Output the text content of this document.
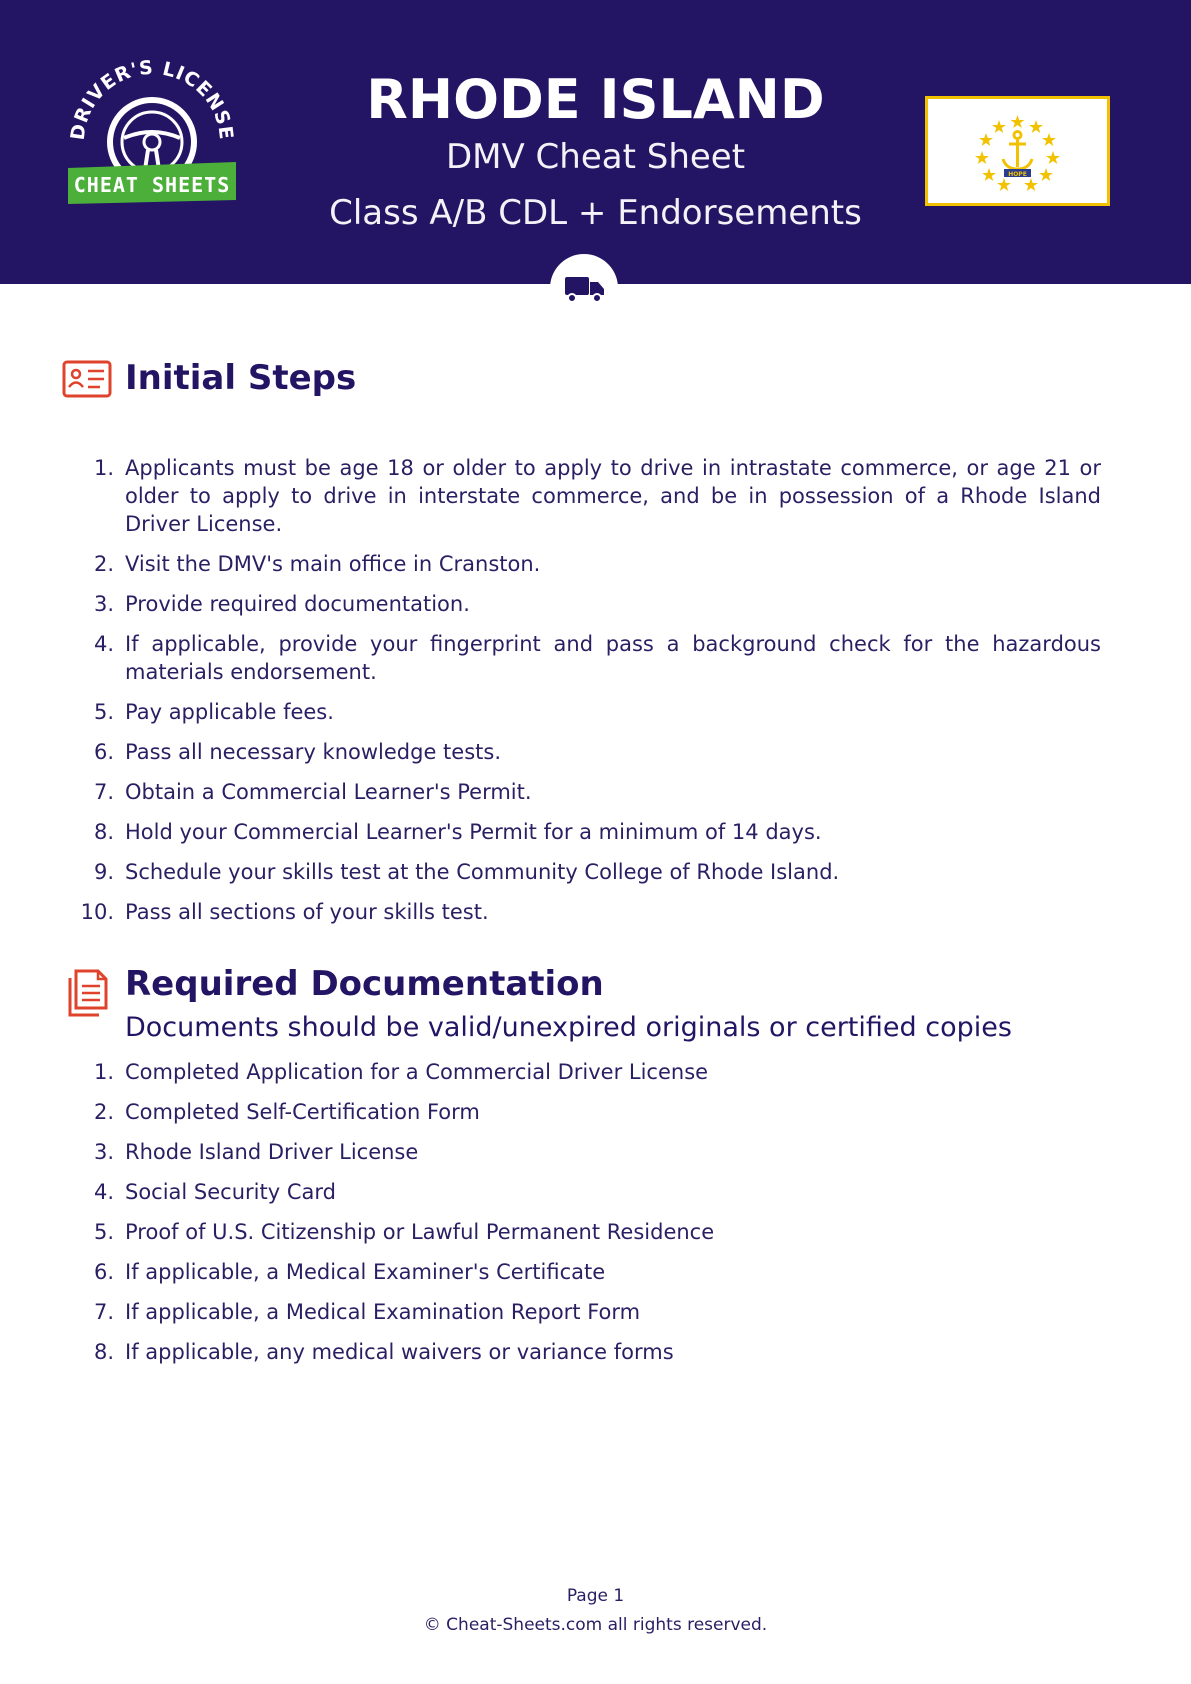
DRIVER'S LICENSE
CHEAT SHEETS
RHODE ISLAND
DMV Cheat Sheet
Class A/B CDL + Endorsements
HOPE
Initial Steps
1. Applicants must be age 18 or older to apply to drive in intrastate commerce, or age 21 or older to apply to drive in interstate commerce, and be in possession of a Rhode Island Driver License.
2. Visit the DMV's main office in Cranston.
3. Provide required documentation.
4. If applicable, provide your fingerprint and pass a background check for the hazardous materials endorsement.
5. Pay applicable fees.
6. Pass all necessary knowledge tests.
7. Obtain a Commercial Learner's Permit.
8. Hold your Commercial Learner's Permit for a minimum of 14 days.
9. Schedule your skills test at the Community College of Rhode Island.
10. Pass all sections of your skills test.
Required Documentation
Documents should be valid/unexpired originals or certified copies
1. Completed Application for a Commercial Driver License
2. Completed Self-Certification Form
3. Rhode Island Driver License
4. Social Security Card
5. Proof of U.S. Citizenship or Lawful Permanent Residence
6. If applicable, a Medical Examiner's Certificate
7. If applicable, a Medical Examination Report Form
8. If applicable, any medical waivers or variance forms
Page 1
© Cheat-Sheets.com all rights reserved.
